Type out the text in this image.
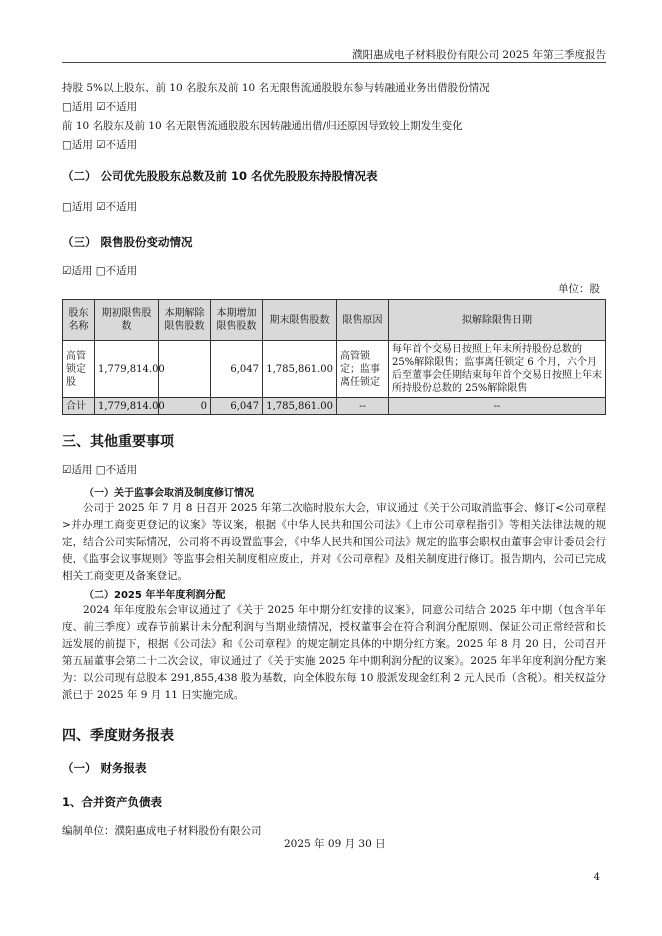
濮阳惠成电子材料股份有限公司 2025 年第三季度报告
持股 5%以上股东、前 10 名股东及前 10 名无限售流通股股东参与转融通业务出借股份情况
□适用 ☑不适用
前 10 名股东及前 10 名无限售流通股股东因转融通出借/归还原因导致较上期发生变化
□适用 ☑不适用
（二） 公司优先股股东总数及前 10 名优先股股东持股情况表
□适用 ☑不适用
（三） 限售股份变动情况
☑适用 □不适用
单位：股
股东名称	期初限售股数	本期解除限售股数	本期增加限售股数	期末限售股数	限售原因	拟解除限售日期
高管锁定股	1,779,814.00		6,047	1,785,861.00	高管锁定；监事离任锁定	每年首个交易日按照上年末所持股份总数的 25%解除限售；监事离任锁定 6 个月，六个月后至董事会任期结束每年首个交易日按照上年末所持股份总数的 25%解除限售
合计	1,779,814.00	0	6,047	1,785,861.00	--	--
三、其他重要事项
☑适用 □不适用
（一）关于监事会取消及制度修订情况
公司于 2025 年 7 月 8 日召开 2025 年第二次临时股东大会，审议通过《关于公司取消监事会、修订<公司章程>并办理工商变更登记的议案》等议案，根据《中华人民共和国公司法》《上市公司章程指引》等相关法律法规的规定，结合公司实际情况，公司将不再设置监事会，《中华人民共和国公司法》规定的监事会职权由董事会审计委员会行使，《监事会议事规则》等监事会相关制度相应废止，并对《公司章程》及相关制度进行修订。报告期内，公司已完成相关工商变更及备案登记。
（二）2025 年半年度利润分配
2024 年年度股东会审议通过了《关于 2025 年中期分红安排的议案》，同意公司结合 2025 年中期（包含半年度、前三季度）或春节前累计未分配利润与当期业绩情况，授权董事会在符合利润分配原则、保证公司正常经营和长远发展的前提下，根据《公司法》和《公司章程》的规定制定具体的中期分红方案。2025 年 8 月 20 日，公司召开第五届董事会第二十二次会议，审议通过了《关于实施 2025 年中期利润分配的议案》。2025 年半年度利润分配方案为：以公司现有总股本 291,855,438 股为基数，向全体股东每 10 股派发现金红利 2 元人民币（含税）。相关权益分派已于 2025 年 9 月 11 日实施完成。
四、季度财务报表
（一） 财务报表
1、合并资产负债表
编制单位：濮阳惠成电子材料股份有限公司
2025 年 09 月 30 日
4
